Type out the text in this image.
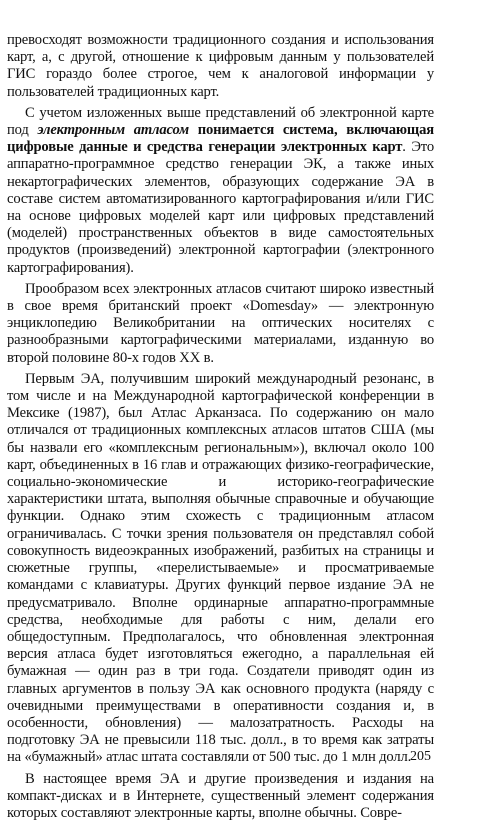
превосходят возможности традиционного создания и использования карт, а, с другой, отношение к цифровым данным у пользователей ГИС гораздо более строгое, чем к аналоговой информации у пользователей традиционных карт.

С учетом изложенных выше представлений об электронной карте под электронным атласом понимается система, включающая цифровые данные и средства генерации электронных карт. Это аппаратно-программное средство генерации ЭК, а также иных некартографических элементов, образующих содержание ЭА в составе систем автоматизированного картографирования и/или ГИС на основе цифровых моделей карт или цифровых представлений (моделей) пространственных объектов в виде самостоятельных продуктов (произведений) электронной картографии (электронного картографирования).

Прообразом всех электронных атласов считают широко известный в свое время британский проект «Domesday» — электронную энциклопедию Великобритании на оптических носителях с разнообразными картографическими материалами, изданную во второй половине 80-х годов XX в.

Первым ЭА, получившим широкий международный резонанс, в том числе и на Международной картографической конференции в Мексике (1987), был Атлас Арканзаса. По содержанию он мало отличался от традиционных комплексных атласов штатов США (мы бы назвали его «комплексным региональным»), включал около 100 карт, объединенных в 16 глав и отражающих физико-географические, социально-экономические и историко-географические характеристики штата, выполняя обычные справочные и обучающие функции. Однако этим схожесть с традиционным атласом ограничивалась. С точки зрения пользователя он представлял собой совокупность видеоэкранных изображений, разбитых на страницы и сюжетные группы, «перелистываемые» и просматриваемые командами с клавиатуры. Других функций первое издание ЭА не предусматривало. Вполне ординарные аппаратно-программные средства, необходимые для работы с ним, делали его общедоступным. Предполагалось, что обновленная электронная версия атласа будет изготовляться ежегодно, а параллельная ей бумажная — один раз в три года. Создатели приводят один из главных аргументов в пользу ЭА как основного продукта (наряду с очевидными преимуществами в оперативности создания и, в особенности, обновления) — малозатратность. Расходы на подготовку ЭА не превысили 118 тыс. долл., в то время как затраты на «бумажный» атлас штата составляли от 500 тыс. до 1 млн долл.

В настоящее время ЭА и другие произведения и издания на компакт-дисках и в Интернете, существенный элемент содержания которых составляют электронные карты, вполне обычны. Совре-

205
